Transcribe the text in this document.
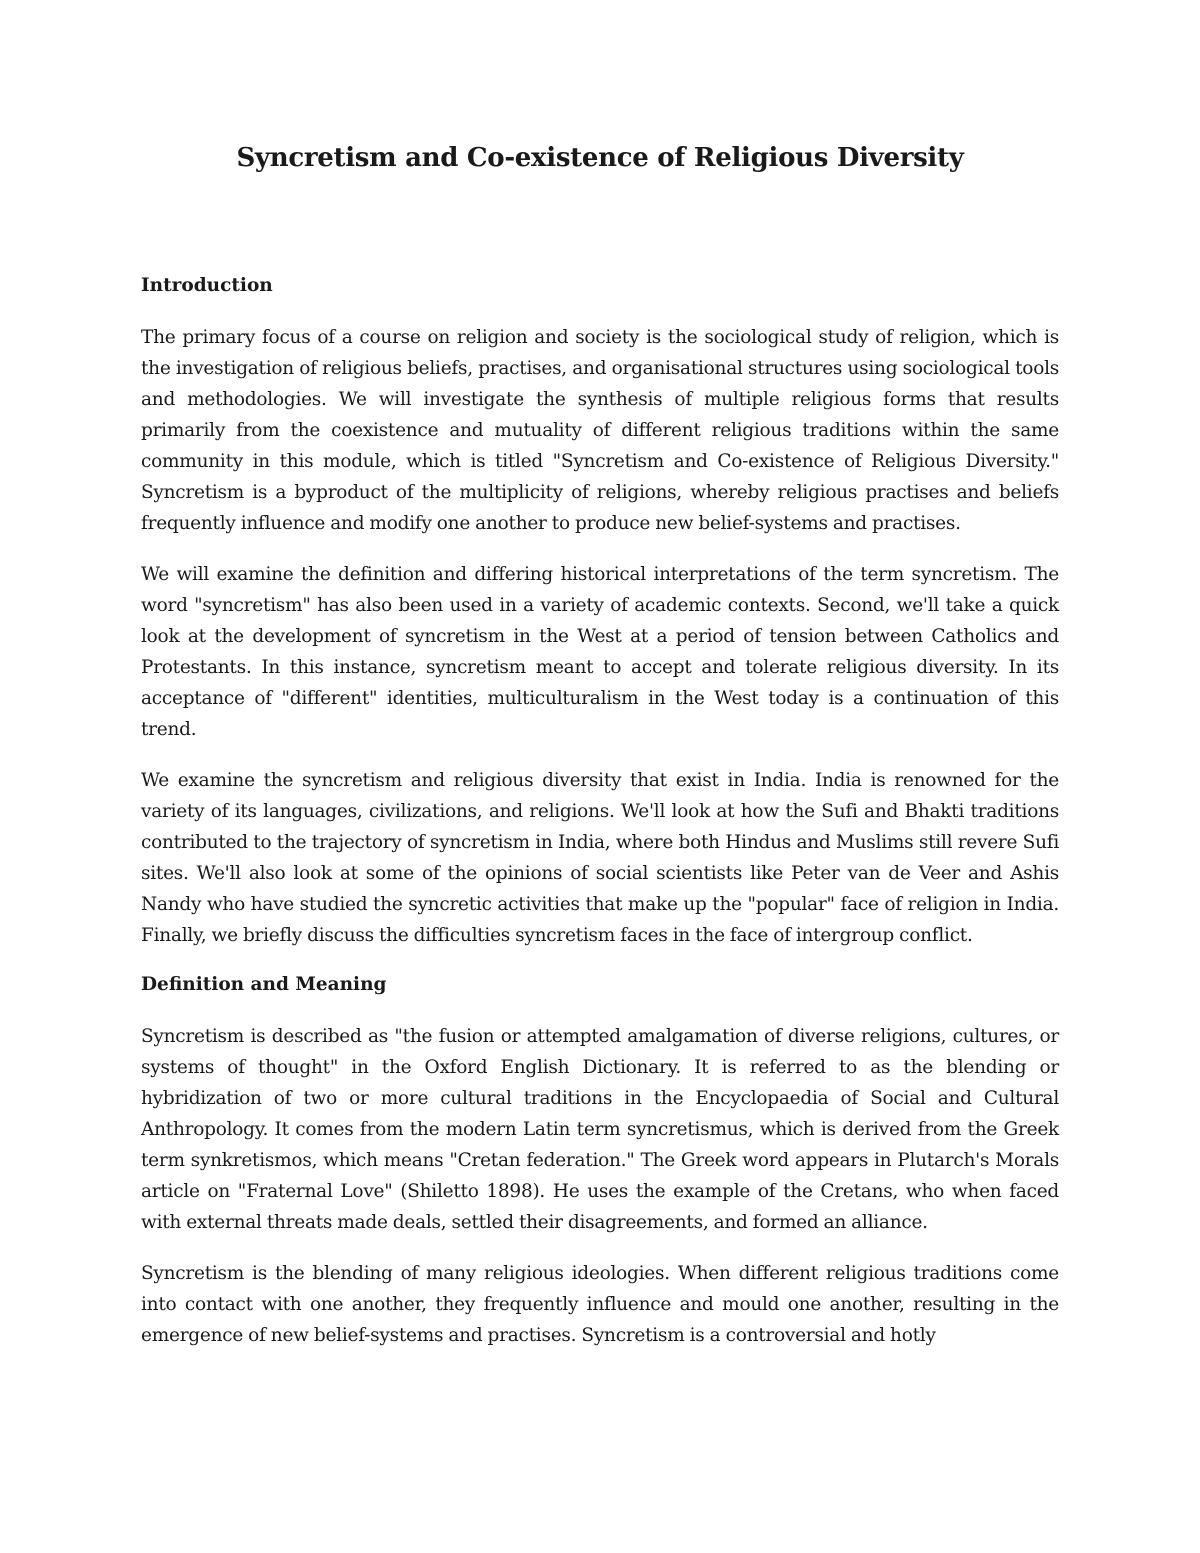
Syncretism and Co-existence of Religious Diversity
Introduction

The primary focus of a course on religion and society is the sociological study of religion, which is the investigation of religious beliefs, practises, and organisational structures using sociological tools and methodologies. We will investigate the synthesis of multiple religious forms that results primarily from the coexistence and mutuality of different religious traditions within the same community in this module, which is titled "Syncretism and Co-existence of Religious Diversity." Syncretism is a byproduct of the multiplicity of religions, whereby religious practises and beliefs frequently influence and modify one another to produce new belief-systems and practises.

We will examine the definition and differing historical interpretations of the term syncretism. The word "syncretism" has also been used in a variety of academic contexts. Second, we'll take a quick look at the development of syncretism in the West at a period of tension between Catholics and Protestants. In this instance, syncretism meant to accept and tolerate religious diversity. In its acceptance of "different" identities, multiculturalism in the West today is a continuation of this trend.

We examine the syncretism and religious diversity that exist in India. India is renowned for the variety of its languages, civilizations, and religions. We'll look at how the Sufi and Bhakti traditions contributed to the trajectory of syncretism in India, where both Hindus and Muslims still revere Sufi sites. We'll also look at some of the opinions of social scientists like Peter van de Veer and Ashis Nandy who have studied the syncretic activities that make up the "popular" face of religion in India. Finally, we briefly discuss the difficulties syncretism faces in the face of intergroup conflict.

Definition and Meaning

Syncretism is described as "the fusion or attempted amalgamation of diverse religions, cultures, or systems of thought" in the Oxford English Dictionary. It is referred to as the blending or hybridization of two or more cultural traditions in the Encyclopaedia of Social and Cultural Anthropology. It comes from the modern Latin term syncretismus, which is derived from the Greek term synkretismos, which means "Cretan federation." The Greek word appears in Plutarch's Morals article on "Fraternal Love" (Shiletto 1898). He uses the example of the Cretans, who when faced with external threats made deals, settled their disagreements, and formed an alliance.

Syncretism is the blending of many religious ideologies. When different religious traditions come into contact with one another, they frequently influence and mould one another, resulting in the emergence of new belief-systems and practises. Syncretism is a controversial and hotly
